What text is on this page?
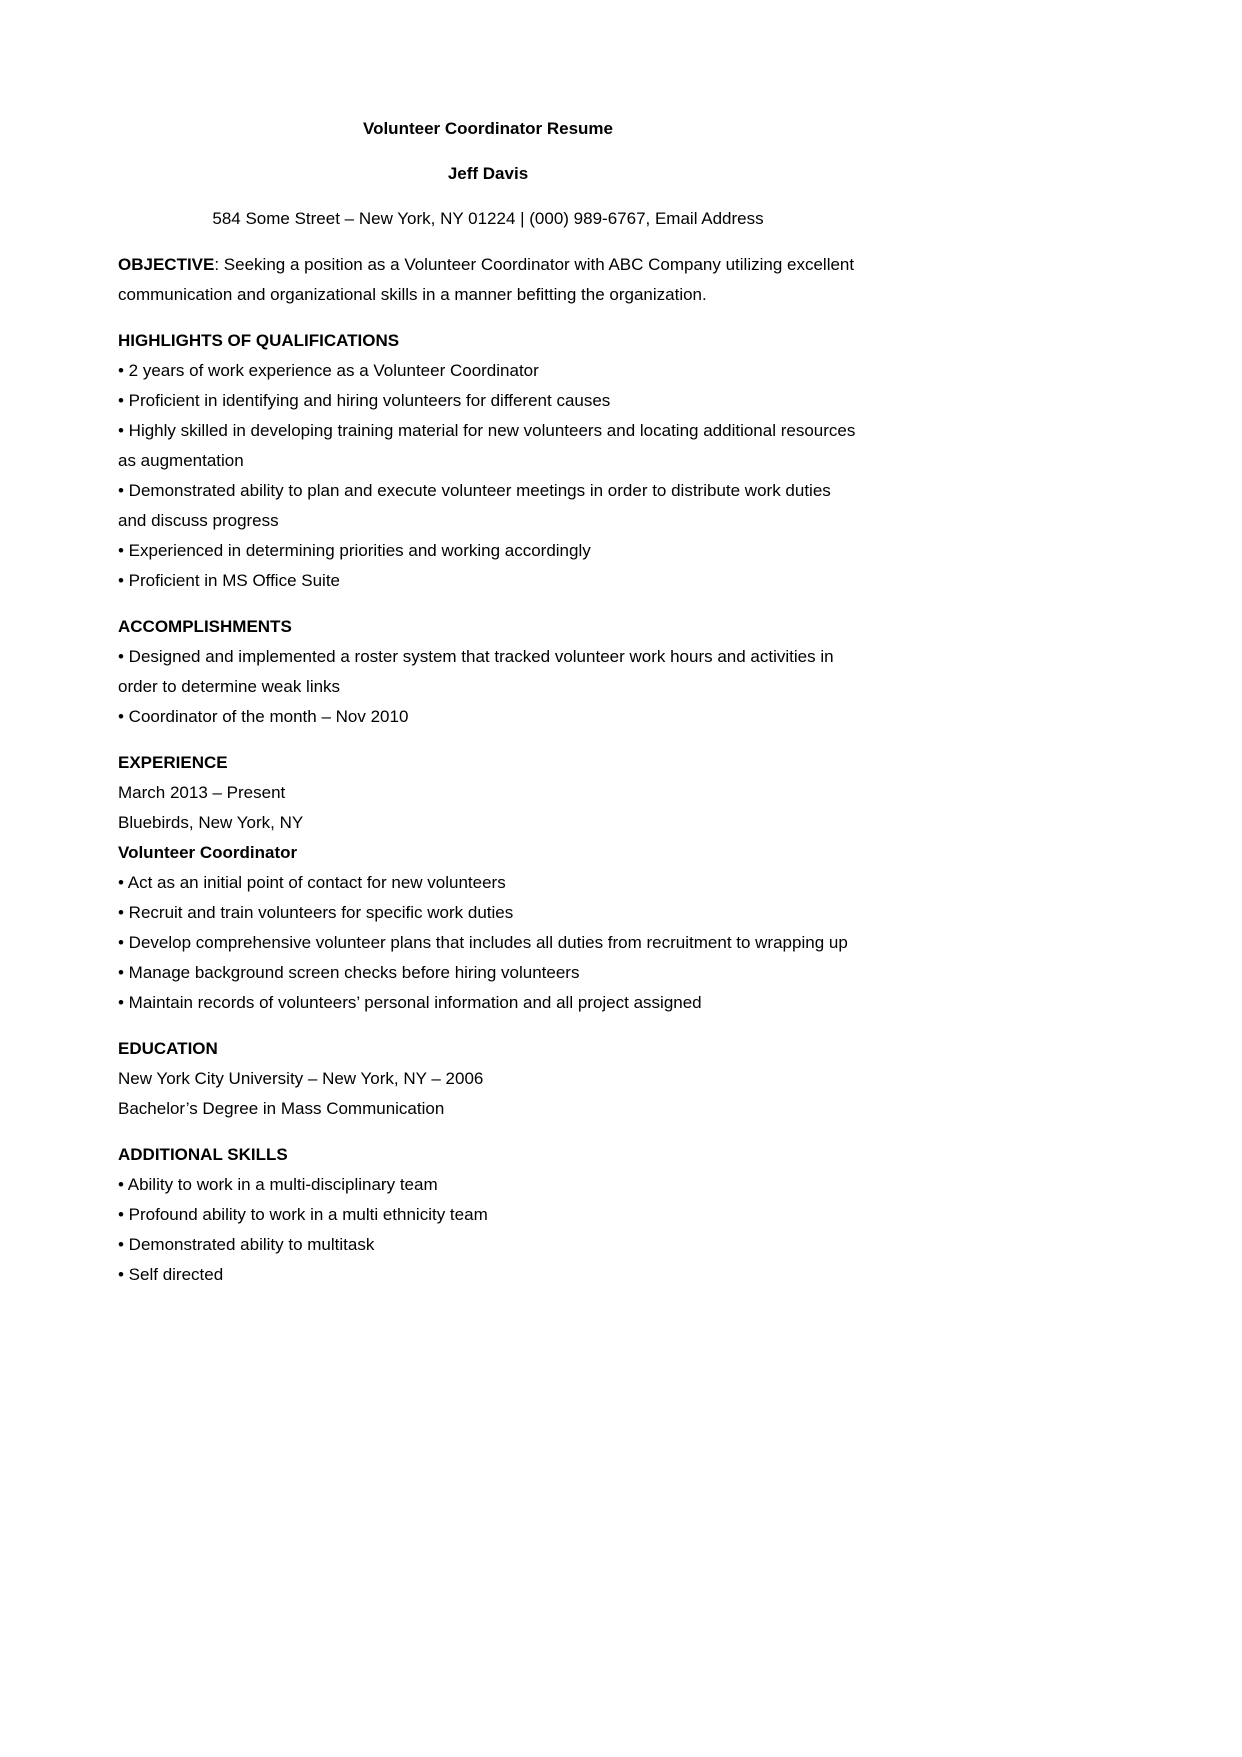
Volunteer Coordinator Resume
Jeff Davis
584 Some Street – New York, NY 01224 | (000) 989-6767, Email Address
OBJECTIVE: Seeking a position as a Volunteer Coordinator with ABC Company utilizing excellent communication and organizational skills in a manner befitting the organization.
HIGHLIGHTS OF QUALIFICATIONS
• 2 years of work experience as a Volunteer Coordinator
• Proficient in identifying and hiring volunteers for different causes
• Highly skilled in developing training material for new volunteers and locating additional resources as augmentation
• Demonstrated ability to plan and execute volunteer meetings in order to distribute work duties and discuss progress
• Experienced in determining priorities and working accordingly
• Proficient in MS Office Suite
ACCOMPLISHMENTS
• Designed and implemented a roster system that tracked volunteer work hours and activities in order to determine weak links
• Coordinator of the month – Nov 2010
EXPERIENCE
March 2013 – Present
Bluebirds, New York, NY
Volunteer Coordinator
• Act as an initial point of contact for new volunteers
• Recruit and train volunteers for specific work duties
• Develop comprehensive volunteer plans that includes all duties from recruitment to wrapping up
• Manage background screen checks before hiring volunteers
• Maintain records of volunteers’ personal information and all project assigned
EDUCATION
New York City University – New York, NY – 2006
Bachelor’s Degree in Mass Communication
ADDITIONAL SKILLS
• Ability to work in a multi-disciplinary team
• Profound ability to work in a multi ethnicity team
• Demonstrated ability to multitask
• Self directed
